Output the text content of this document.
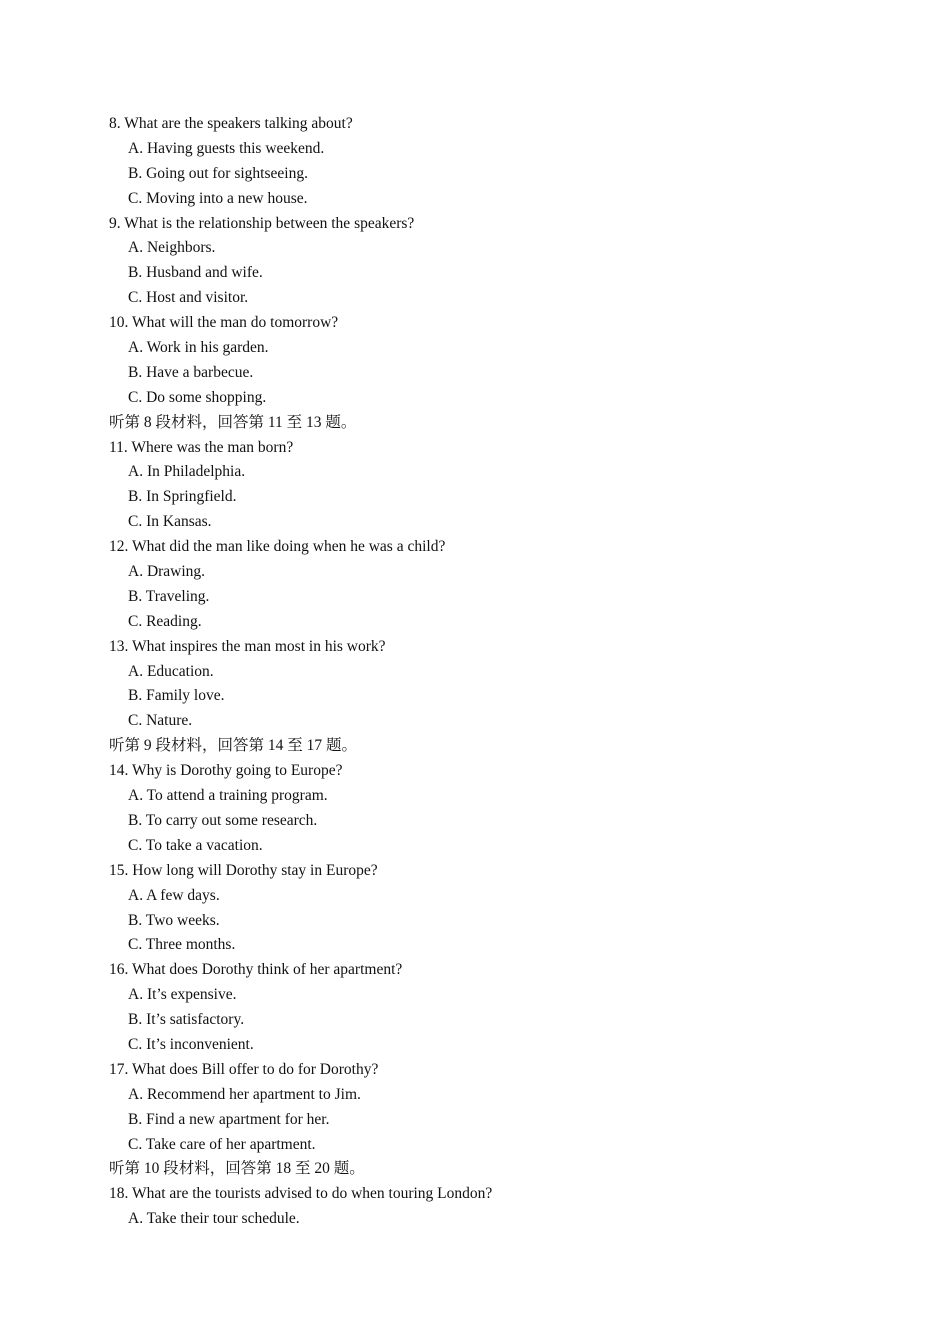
8. What are the speakers talking about?
A. Having guests this weekend.
B. Going out for sightseeing.
C. Moving into a new house.
9. What is the relationship between the speakers?
A. Neighbors.
B. Husband and wife.
C. Host and visitor.
10. What will the man do tomorrow?
A. Work in his garden.
B. Have a barbecue.
C. Do some shopping.
听第 8 段材料，回答第 11 至 13 题。
11. Where was the man born?
A. In Philadelphia.
B. In Springfield.
C. In Kansas.
12. What did the man like doing when he was a child?
A. Drawing.
B. Traveling.
C. Reading.
13. What inspires the man most in his work?
A. Education.
B. Family love.
C. Nature.
听第 9 段材料，回答第 14 至 17 题。
14. Why is Dorothy going to Europe?
A. To attend a training program.
B. To carry out some research.
C. To take a vacation.
15. How long will Dorothy stay in Europe?
A. A few days.
B. Two weeks.
C. Three months.
16. What does Dorothy think of her apartment?
A. It’s expensive.
B. It’s satisfactory.
C. It’s inconvenient.
17. What does Bill offer to do for Dorothy?
A. Recommend her apartment to Jim.
B. Find a new apartment for her.
C. Take care of her apartment.
听第 10 段材料，回答第 18 至 20 题。
18. What are the tourists advised to do when touring London?
A. Take their tour schedule.
